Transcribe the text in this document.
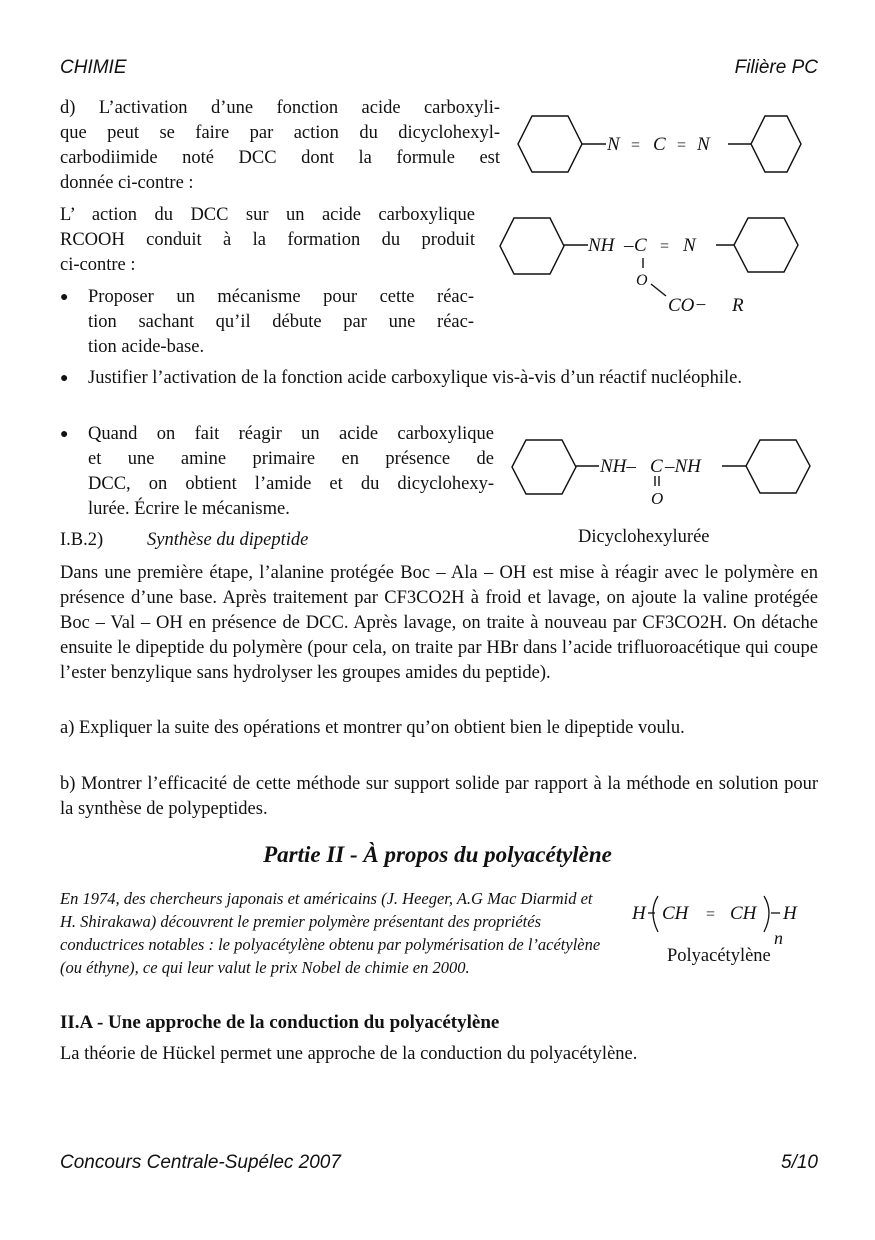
CHIMIE	Filière PC
d) L’activation d’une fonction acide carboxyli-
que peut se faire par action du dicyclohexyl-
carbodiimide noté DCC dont la formule est
donnée ci-contre :
L’ action du DCC sur un acide carboxylique
RCOOH conduit à la formation du produit
ci-contre :
● Proposer un mécanisme pour cette réac-
tion sachant qu’il débute par une réac-
tion acide-base.
● Justifier l’activation de la fonction acide carboxylique vis-à-vis d’un réactif nucléophile.
● Quand on fait réagir un acide carboxylique
et une amine primaire en présence de
DCC, on obtient l’amide et du dicyclohexy-
lurée. Écrire le mécanisme.
N = C = N
NH – C = N
O
CO− R
NH– C –NH
O
Dicyclohexylurée
I.B.2) Synthèse du dipeptide
Dans une première étape, l’alanine protégée Boc – Ala – OH est mise à réagir avec le polymère en présence d’une base. Après traitement par CF3CO2H à froid et lavage, on ajoute la valine protégée Boc – Val – OH en présence de DCC. Après lavage, on traite à nouveau par CF3CO2H. On détache ensuite le dipeptide du polymère (pour cela, on traite par HBr dans l’acide trifluoroacétique qui coupe l’ester benzylique sans hydrolyser les groupes amides du peptide).
a) Expliquer la suite des opérations et montrer qu’on obtient bien le dipeptide voulu.
b) Montrer l’efficacité de cette méthode sur support solide par rapport à la méthode en solution pour la synthèse de polypeptides.
Partie II - À propos du polyacétylène
En 1974, des chercheurs japonais et américains (J. Heeger, A.G Mac Diarmid et H. Shirakawa) découvrent le premier polymère présentant des propriétés conductrices notables : le polyacétylène obtenu par polymérisation de l’acétylène (ou éthyne), ce qui leur valut le prix Nobel de chimie en 2000.
H CH = CH H
n
Polyacétylène
II.A - Une approche de la conduction du polyacétylène
La théorie de Hückel permet une approche de la conduction du polyacétylène.
Concours Centrale-Supélec 2007	5/10
